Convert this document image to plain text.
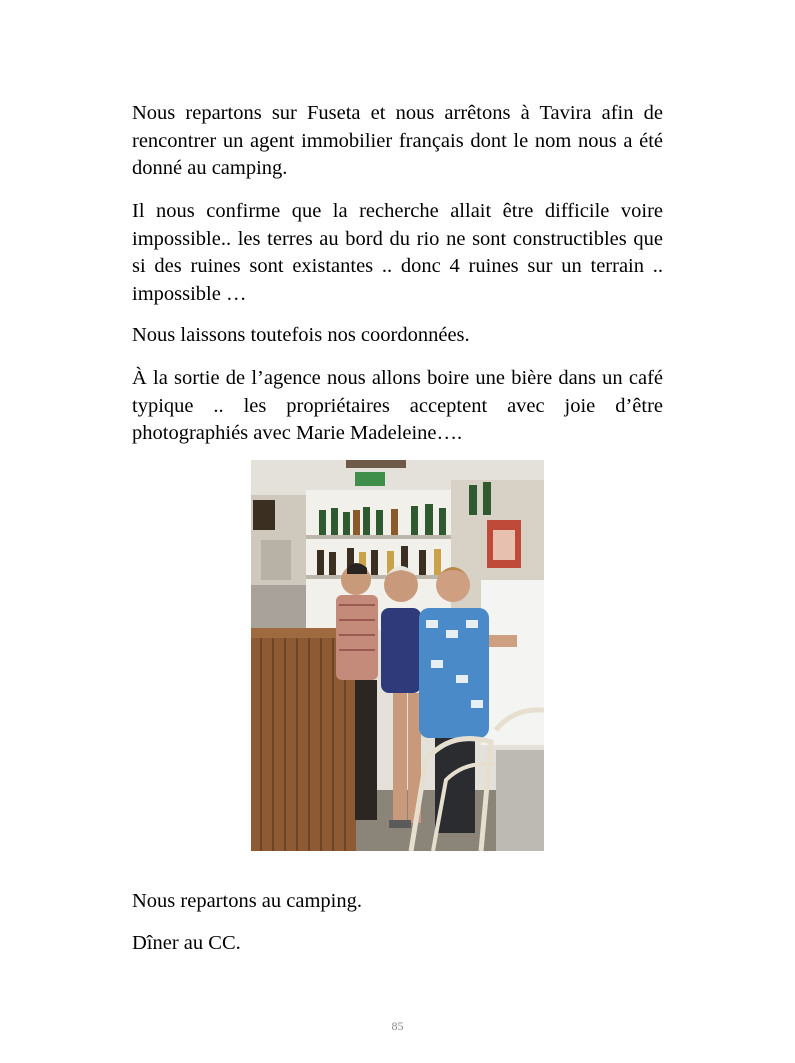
Nous repartons sur Fuseta et nous arrêtons à Tavira afin de rencontrer un agent immobilier français dont le nom nous a été donné au camping.

Il nous confirme que la recherche allait être difficile voire impossible.. les terres au bord du rio ne sont constructibles que si des ruines sont existantes .. donc 4 ruines sur un terrain .. impossible …

Nous laissons toutefois nos coordonnées.

À la sortie de l’agence nous allons boire une bière dans un café typique .. les propriétaires acceptent avec joie d’être photographiés avec Marie Madeleine….

Nous repartons au camping.

Dîner au CC.

85
